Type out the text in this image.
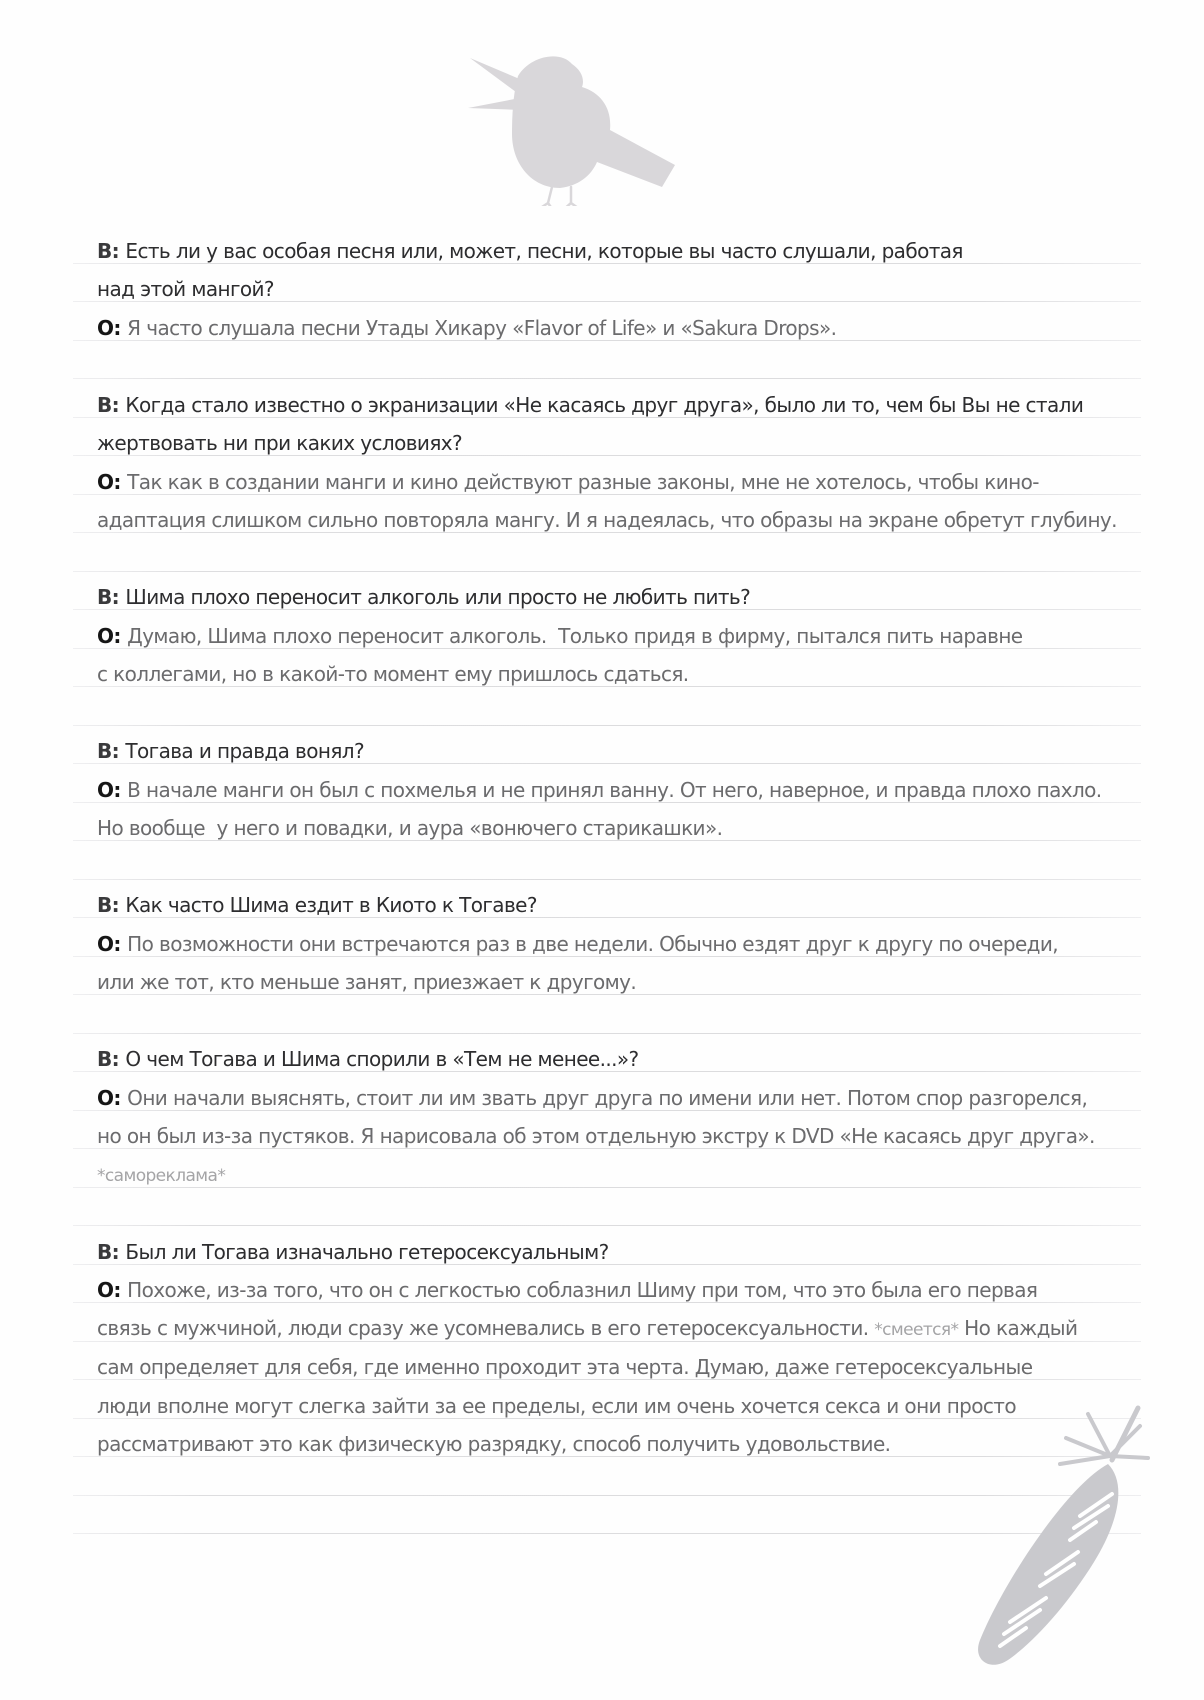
В: Есть ли у вас особая песня или, может, песни, которые вы часто слушали, работая
над этой мангой?
О: Я часто слушала песни Утады Хикару «Flavor of Life» и «Sakura Drops».
В: Когда стало известно о экранизации «Не касаясь друг друга», было ли то, чем бы Вы не стали
жертвовать ни при каких условиях?
О: Так как в создании манги и кино действуют разные законы, мне не хотелось, чтобы кино-
адаптация слишком сильно повторяла мангу. И я надеялась, что образы на экране обретут глубину.
В: Шима плохо переносит алкоголь или просто не любить пить?
О: Думаю, Шима плохо переносит алкоголь.  Только придя в фирму, пытался пить наравне
с коллегами, но в какой-то момент ему пришлось сдаться.
В: Тогава и правда вонял?
О: В начале манги он был с похмелья и не принял ванну. От него, наверное, и правда плохо пахло.
Но вообще  у него и повадки, и аура «вонючего старикашки».
В: Как часто Шима ездит в Киото к Тогаве?
О: По возможности они встречаются раз в две недели. Обычно ездят друг к другу по очереди,
или же тот, кто меньше занят, приезжает к другому.
В: О чем Тогава и Шима спорили в «Тем не менее...»?
О: Они начали выяснять, стоит ли им звать друг друга по имени или нет. Потом спор разгорелся,
но он был из-за пустяков. Я нарисовала об этом отдельную экстру к DVD «Не касаясь друг друга».
*самореклама*
В: Был ли Тогава изначально гетеросексуальным?
О: Похоже, из-за того, что он с легкостью соблазнил Шиму при том, что это была его первая
связь с мужчиной, люди сразу же усомневались в его гетеросексуальности. *смеется* Но каждый
сам определяет для себя, где именно проходит эта черта. Думаю, даже гетеросексуальные
люди вполне могут слегка зайти за ее пределы, если им очень хочется секса и они просто
рассматривают это как физическую разрядку, способ получить удовольствие.
